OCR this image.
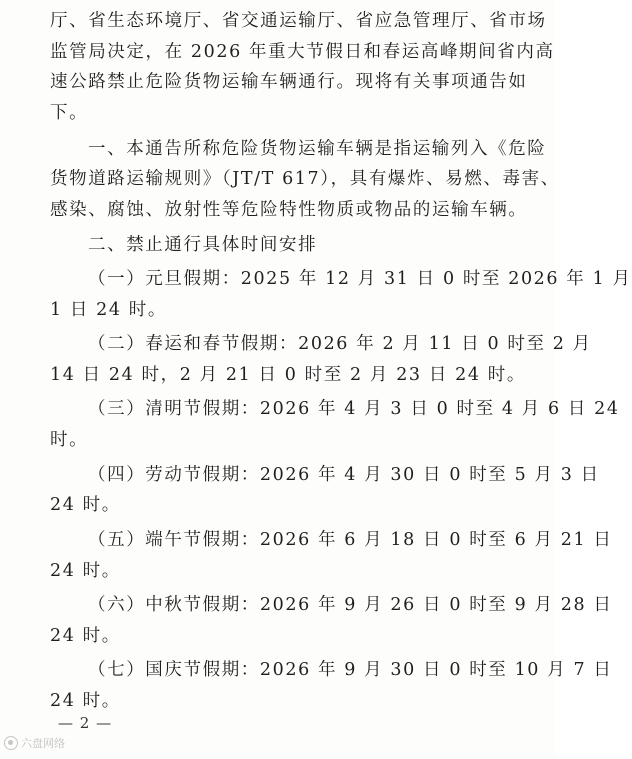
厅、省生态环境厅、省交通运输厅、省应急管理厅、省市场
监管局决定，在 2026 年重大节假日和春运高峰期间省内高
速公路禁止危险货物运输车辆通行。现将有关事项通告如
下。
一、本通告所称危险货物运输车辆是指运输列入《危险
货物道路运输规则》（JT/T 617），具有爆炸、易燃、毒害、
感染、腐蚀、放射性等危险特性物质或物品的运输车辆。
二、禁止通行具体时间安排
（一）元旦假期：2025 年 12 月 31 日 0 时至 2026 年 1 月
1 日 24 时。
（二）春运和春节假期：2026 年 2 月 11 日 0 时至 2 月
14 日 24 时，2 月 21 日 0 时至 2 月 23 日 24 时。
（三）清明节假期：2026 年 4 月 3 日 0 时至 4 月 6 日 24
时。
（四）劳动节假期：2026 年 4 月 30 日 0 时至 5 月 3 日
24 时。
（五）端午节假期：2026 年 6 月 18 日 0 时至 6 月 21 日
24 时。
（六）中秋节假期：2026 年 9 月 26 日 0 时至 9 月 28 日
24 时。
（七）国庆节假期：2026 年 9 月 30 日 0 时至 10 月 7 日
24 时。
— 2 —
六盘网络
